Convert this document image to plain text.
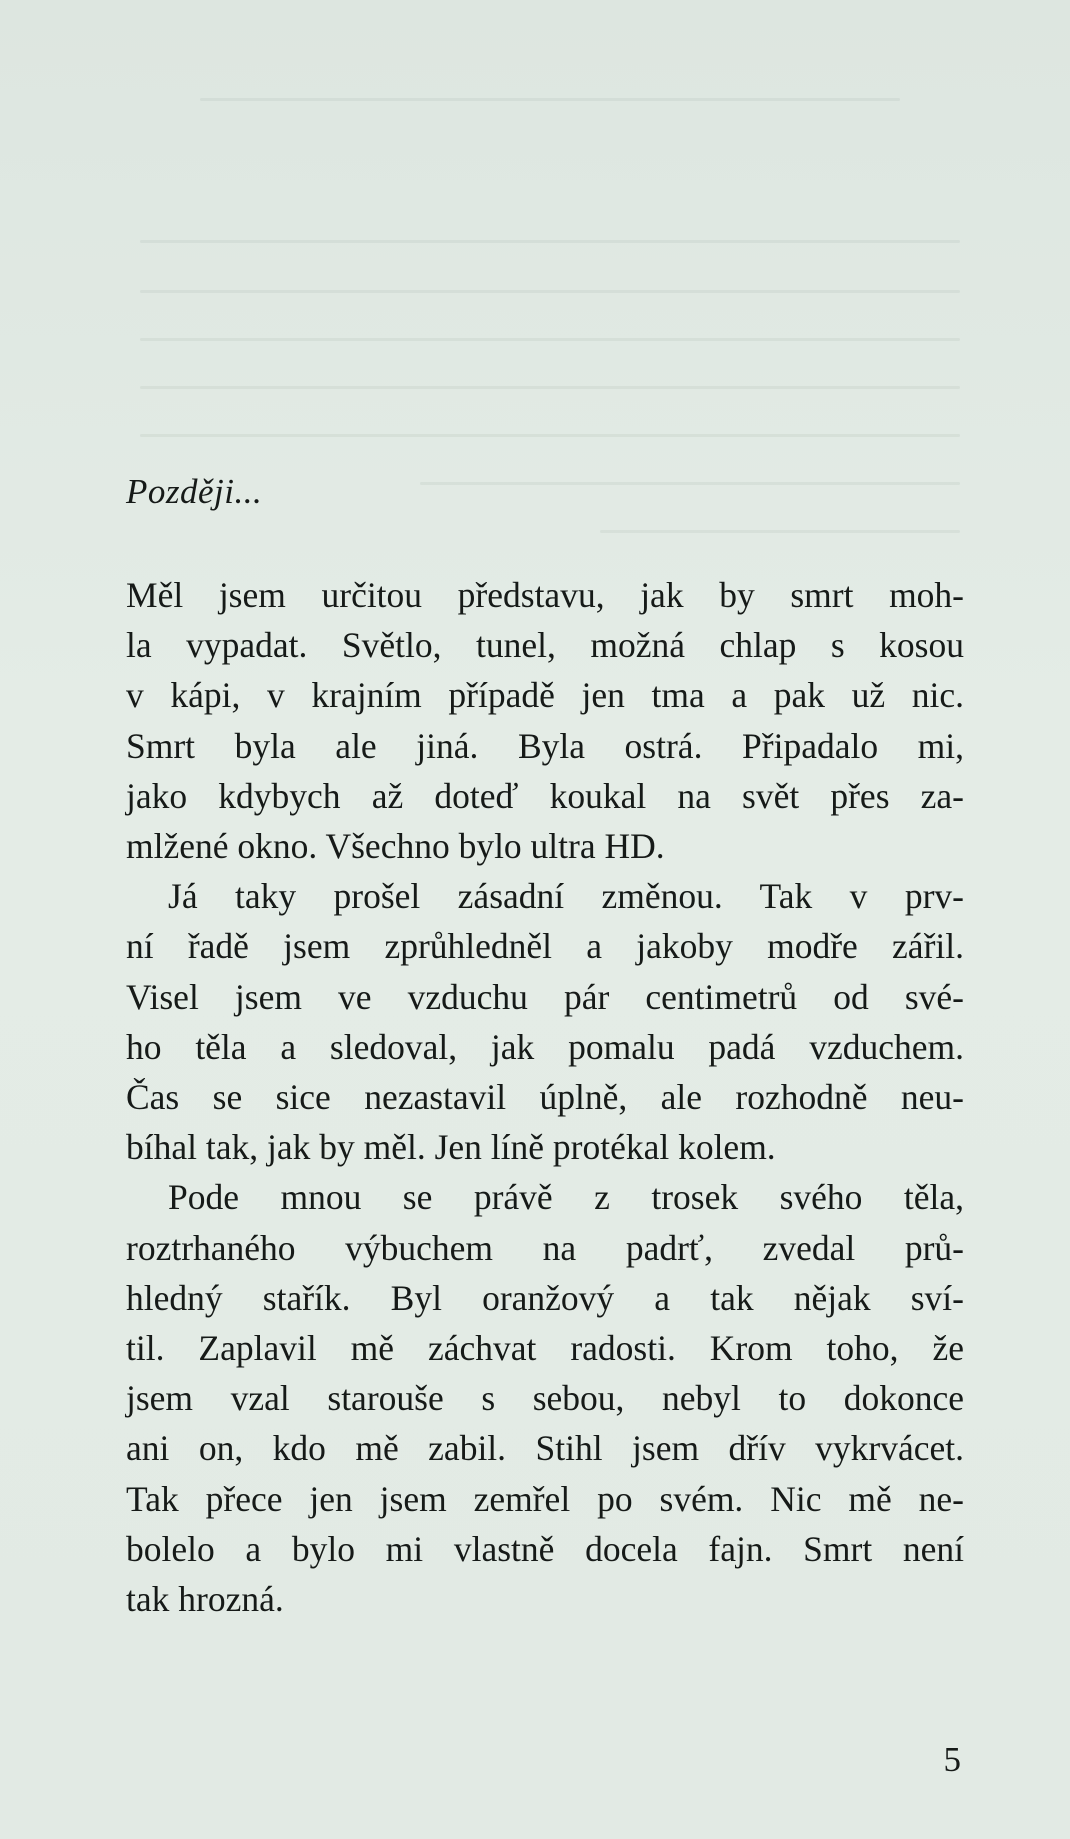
Později...

Měl jsem určitou představu, jak by smrt moh-
la vypadat. Světlo, tunel, možná chlap s kosou
v kápi, v krajním případě jen tma a pak už nic.
Smrt byla ale jiná. Byla ostrá. Připadalo mi,
jako kdybych až doteď koukal na svět přes za-
mlžené okno. Všechno bylo ultra HD.

Já taky prošel zásadní změnou. Tak v prv-
ní řadě jsem zprůhledněl a jakoby modře zářil.
Visel jsem ve vzduchu pár centimetrů od své-
ho těla a sledoval, jak pomalu padá vzduchem.
Čas se sice nezastavil úplně, ale rozhodně neu-
bíhal tak, jak by měl. Jen líně protékal kolem.

Pode mnou se právě z trosek svého těla,
roztrhaného výbuchem na padrť, zvedal prů-
hledný stařík. Byl oranžový a tak nějak sví-
til. Zaplavil mě záchvat radosti. Krom toho, že
jsem vzal starouše s sebou, nebyl to dokonce
ani on, kdo mě zabil. Stihl jsem dřív vykrvácet.
Tak přece jen jsem zemřel po svém. Nic mě ne-
bolelo a bylo mi vlastně docela fajn. Smrt není
tak hrozná.

5
